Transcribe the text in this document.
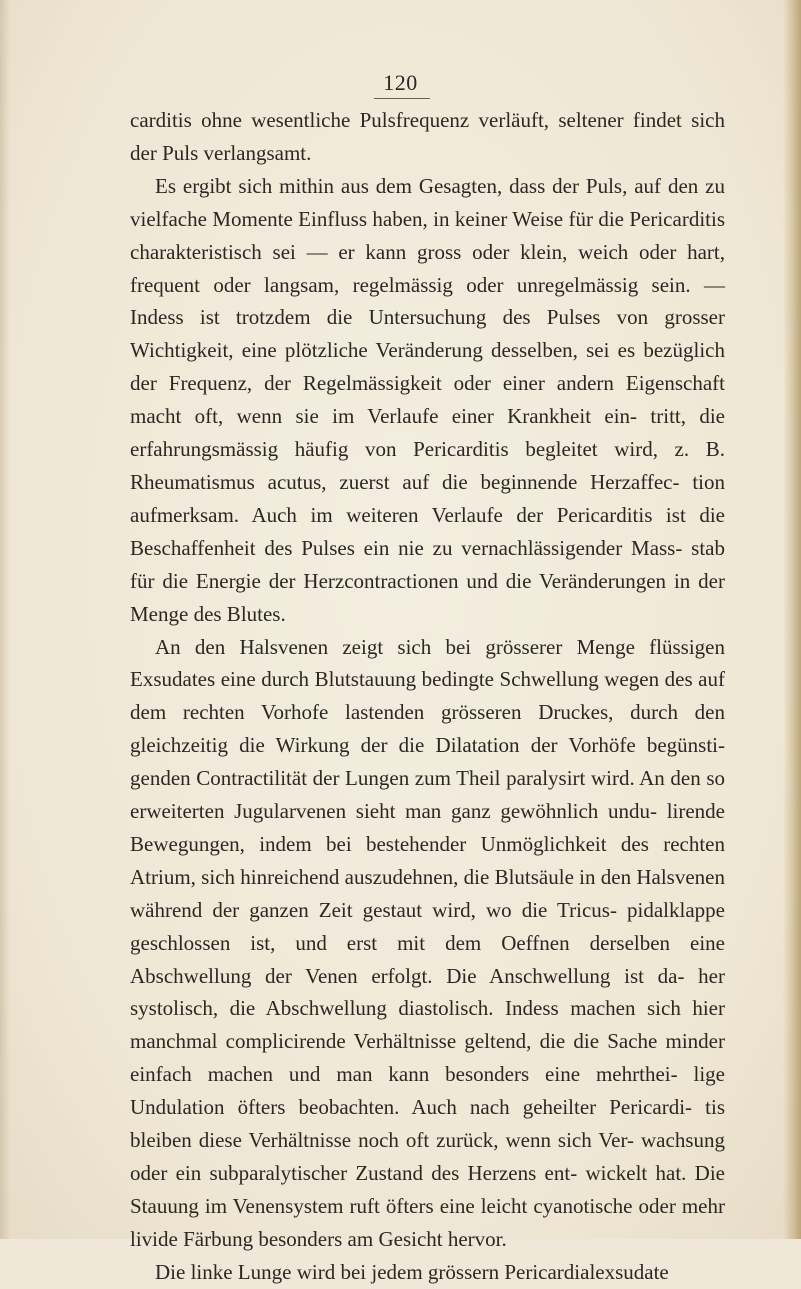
120

carditis ohne wesentliche Pulsfrequenz verläuft, seltener findet sich der Puls verlangsamt.

Es ergibt sich mithin aus dem Gesagten, dass der Puls, auf den zu vielfache Momente Einfluss haben, in keiner Weise für die Pericarditis charakteristisch sei — er kann gross oder klein, weich oder hart, frequent oder langsam, regelmässig oder unregelmässig sein. — Indess ist trotzdem die Untersuchung des Pulses von grosser Wichtigkeit, eine plötzliche Veränderung desselben, sei es bezüglich der Frequenz, der Regelmässigkeit oder einer andern Eigenschaft macht oft, wenn sie im Verlaufe einer Krankheit ein- tritt, die erfahrungsmässig häufig von Pericarditis begleitet wird, z. B. Rheumatismus acutus, zuerst auf die beginnende Herzaffec- tion aufmerksam. Auch im weiteren Verlaufe der Pericarditis ist die Beschaffenheit des Pulses ein nie zu vernachlässigender Mass- stab für die Energie der Herzcontractionen und die Veränderungen in der Menge des Blutes.

An den Halsvenen zeigt sich bei grösserer Menge flüssigen Exsudates eine durch Blutstauung bedingte Schwellung wegen des auf dem rechten Vorhofe lastenden grösseren Druckes, durch den gleichzeitig die Wirkung der die Dilatation der Vorhöfe begünsti- genden Contractilität der Lungen zum Theil paralysirt wird. An den so erweiterten Jugularvenen sieht man ganz gewöhnlich undu- lirende Bewegungen, indem bei bestehender Unmöglichkeit des rechten Atrium, sich hinreichend auszudehnen, die Blutsäule in den Halsvenen während der ganzen Zeit gestaut wird, wo die Tricus- pidalklappe geschlossen ist, und erst mit dem Oeffnen derselben eine Abschwellung der Venen erfolgt. Die Anschwellung ist da- her systolisch, die Abschwellung diastolisch. Indess machen sich hier manchmal complicirende Verhältnisse geltend, die die Sache minder einfach machen und man kann besonders eine mehrthei- lige Undulation öfters beobachten. Auch nach geheilter Pericardi- tis bleiben diese Verhältnisse noch oft zurück, wenn sich Ver- wachsung oder ein subparalytischer Zustand des Herzens ent- wickelt hat. Die Stauung im Venensystem ruft öfters eine leicht cyanotische oder mehr livide Färbung besonders am Gesicht hervor.

Die linke Lunge wird bei jedem grössern Pericardialexsudate
